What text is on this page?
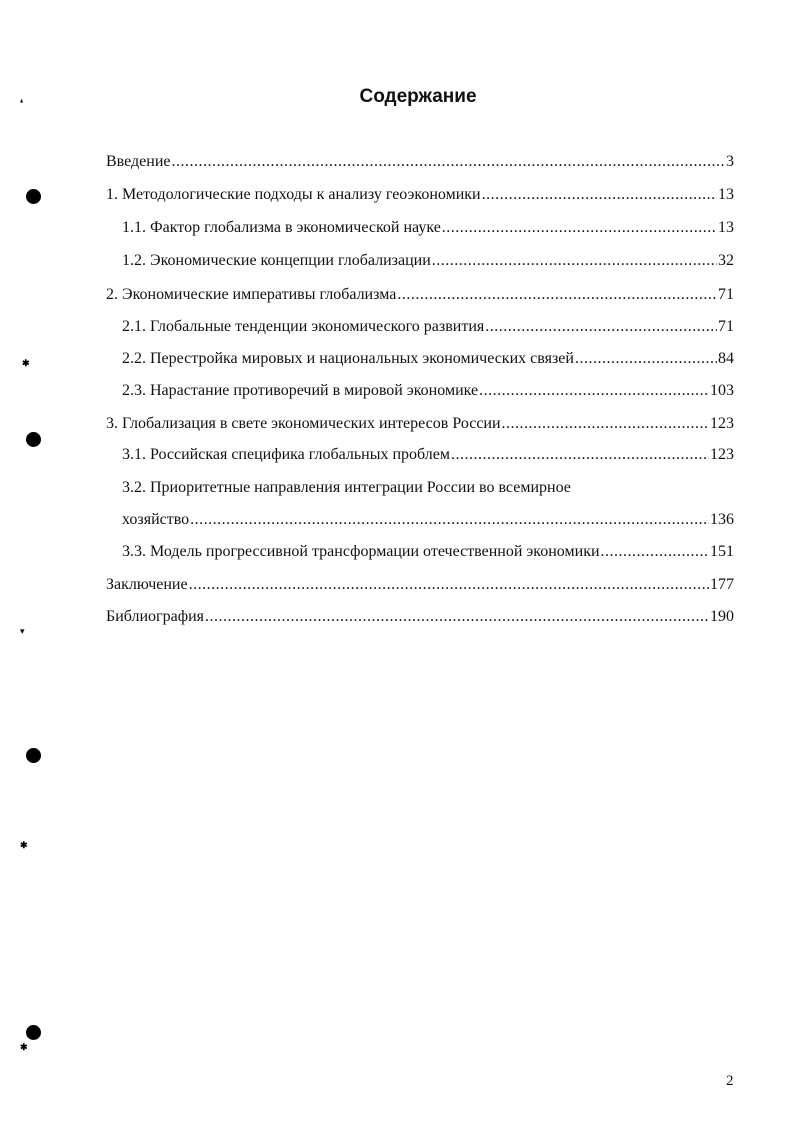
Содержание
Введение .....	3
1. Методологические подходы к анализу геоэкономики .....	13
1.1. Фактор глобализма в экономической науке .....	13
1.2. Экономические концепции глобализации .....	32
2. Экономические императивы глобализма .....	71
2.1. Глобальные тенденции экономического развития .....	71
2.2. Перестройка мировых и национальных экономических связей .....	84
2.3. Нарастание противоречий в мировой экономике .....	103
3. Глобализация в свете экономических интересов России .....	123
3.1. Российская специфика глобальных проблем .....	123
3.2. Приоритетные направления интеграции России во всемирное
хозяйство .....	136
3.3. Модель прогрессивной трансформации отечественной экономики .....	151
Заключение .....	177
Библиография .....	190
❛
✱
▾
✱
✱
2
